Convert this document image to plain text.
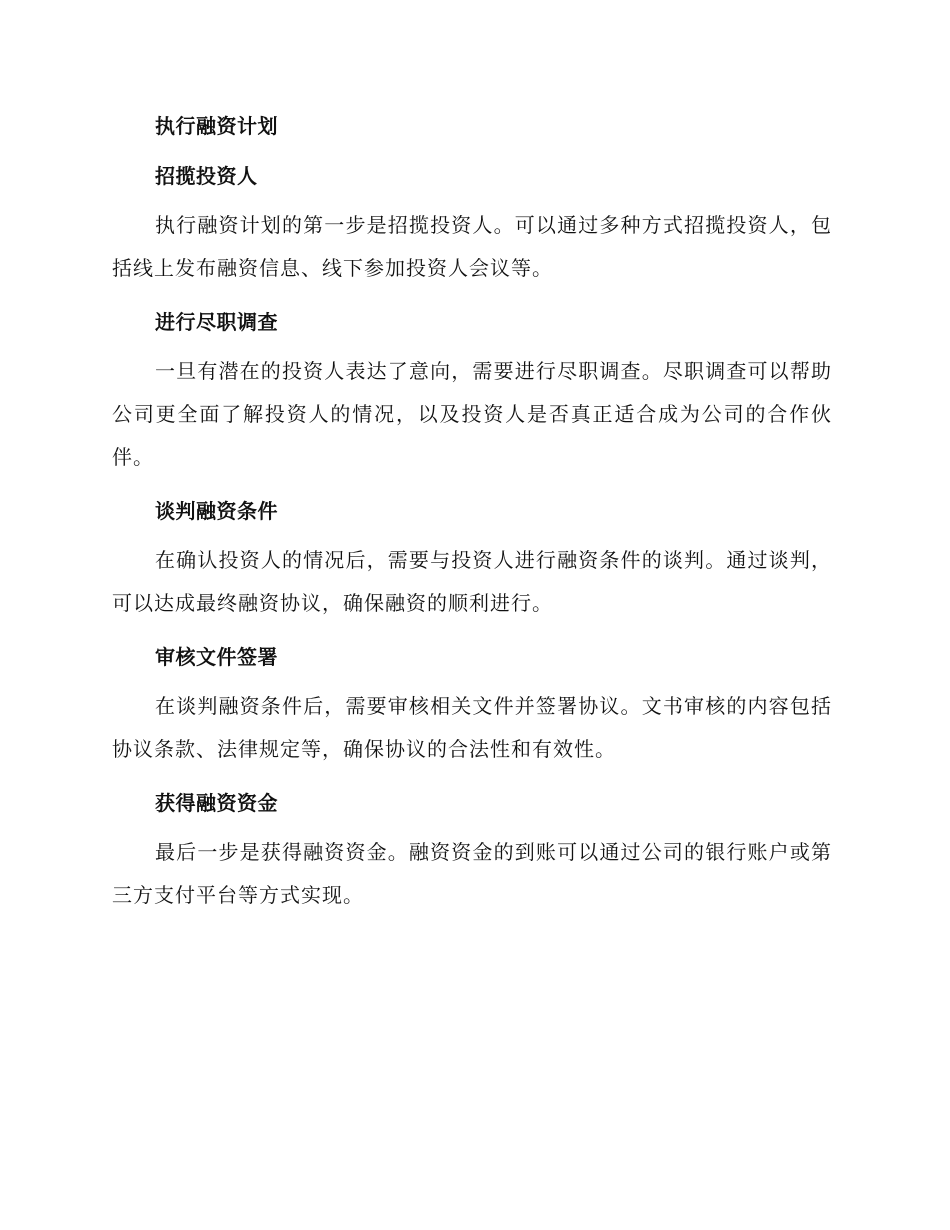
执行融资计划
招揽投资人

执行融资计划的第一步是招揽投资人。可以通过多种方式招揽投资人，包括线上发布融资信息、线下参加投资人会议等。

进行尽职调查

一旦有潜在的投资人表达了意向，需要进行尽职调查。尽职调查可以帮助公司更全面了解投资人的情况，以及投资人是否真正适合成为公司的合作伙伴。

谈判融资条件

在确认投资人的情况后，需要与投资人进行融资条件的谈判。通过谈判，可以达成最终融资协议，确保融资的顺利进行。

审核文件签署

在谈判融资条件后，需要审核相关文件并签署协议。文书审核的内容包括协议条款、法律规定等，确保协议的合法性和有效性。

获得融资资金

最后一步是获得融资资金。融资资金的到账可以通过公司的银行账户或第三方支付平台等方式实现。
